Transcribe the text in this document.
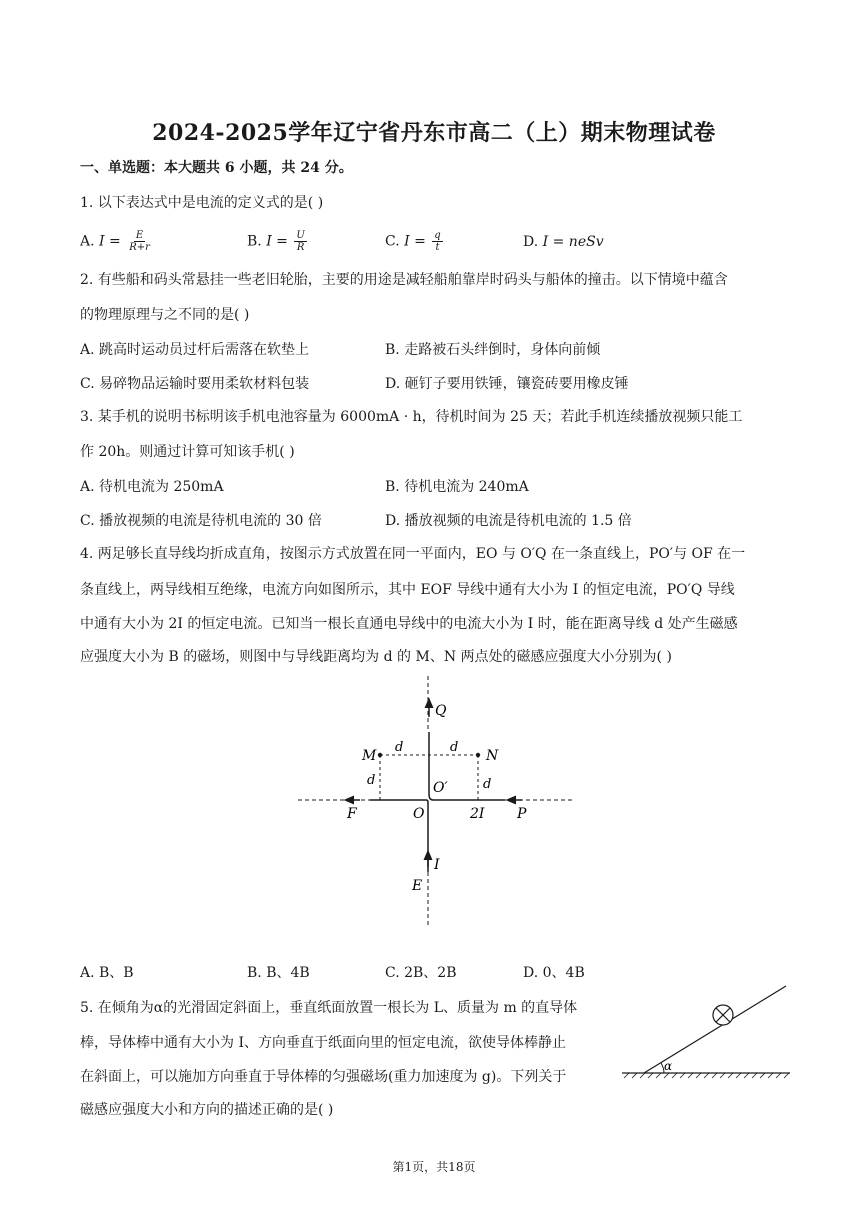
2024-2025学年辽宁省丹东市高二（上）期末物理试卷
一、单选题：本大题共 6 小题，共 24 分。
1. 以下表达式中是电流的定义式的是( )
A. $I = \frac{E}{R+r}$	B. $I = \frac{U}{R}$	C. $I = \frac{q}{t}$	D. I = neSv
2. 有些船和码头常悬挂一些老旧轮胎，主要的用途是减轻船舶靠岸时码头与船体的撞击。以下情境中蕴含
的物理原理与之不同的是( )
A. 跳高时运动员过杆后需落在软垫上	B. 走路被石头绊倒时，身体向前倾
C. 易碎物品运输时要用柔软材料包装	D. 砸钉子要用铁锤，镶瓷砖要用橡皮锤
3. 某手机的说明书标明该手机电池容量为 6000mA · h，待机时间为 25 天；若此手机连续播放视频只能工
作 20h。则通过计算可知该手机( )
A. 待机电流为 250mA	B. 待机电流为 240mA
C. 播放视频的电流是待机电流的 30 倍	D. 播放视频的电流是待机电流的 1.5 倍
4. 两足够长直导线均折成直角，按图示方式放置在同一平面内，EO 与 O′Q 在一条直线上，PO′与 OF 在一
条直线上，两导线相互绝缘，电流方向如图所示，其中 EOF 导线中通有大小为 I 的恒定电流，PO′Q 导线
中通有大小为 2I 的恒定电流。已知当一根长直通电导线中的电流大小为 I 时，能在距离导线 d 处产生磁感
应强度大小为 B 的磁场，则图中与导线距离均为 d 的 M、N 两点处的磁感应强度大小分别为( )
Q
M	N
d	d
d	d
O′
F	O	2I P
I
E
A. B、B	B. B、4B	C. 2B、2B	D. 0、4B
5. 在倾角为α的光滑固定斜面上，垂直纸面放置一根长为 L、质量为 m 的直导体
棒，导体棒中通有大小为 I、方向垂直于纸面向里的恒定电流，欲使导体棒静止
在斜面上，可以施加方向垂直于导体棒的匀强磁场(重力加速度为 g)。下列关于
磁感应强度大小和方向的描述正确的是( )
α
第1页，共18页
